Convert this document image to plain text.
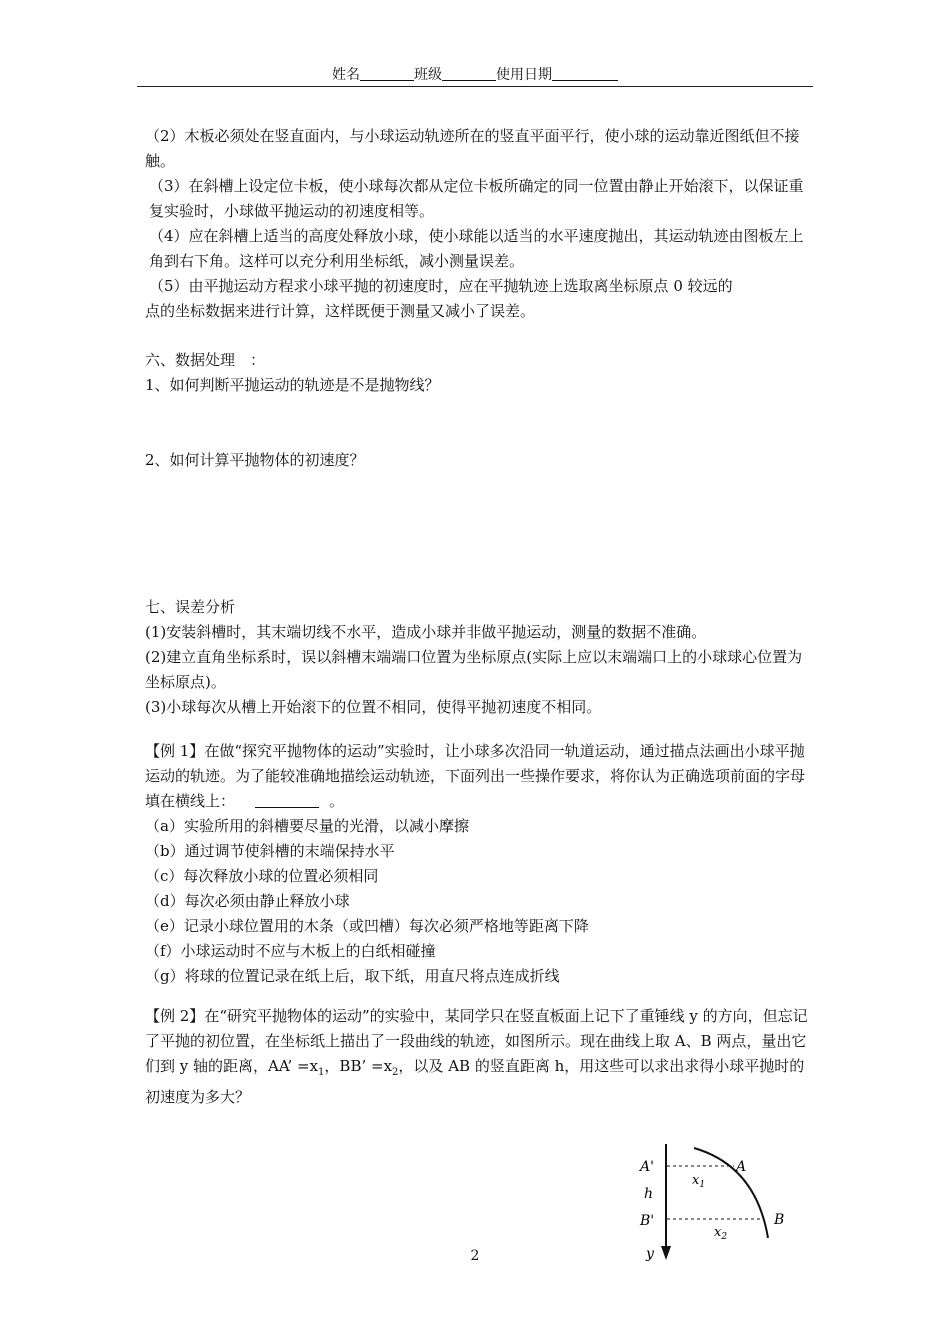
姓名	班级	使用日期

（2）木板必须处在竖直面内，与小球运动轨迹所在的竖直平面平行，使小球的运动靠近图纸但不接触。

（3）在斜槽上设定位卡板，使小球每次都从定位卡板所确定的同一位置由静止开始滚下，以保证重复实验时，小球做平抛运动的初速度相等。

（4）应在斜槽上适当的高度处释放小球，使小球能以适当的水平速度抛出，其运动轨迹由图板左上角到右下角。这样可以充分利用坐标纸，减小测量误差。

（5）由平抛运动方程求小球平抛的初速度时，应在平抛轨迹上选取离坐标原点 0 较远的

点的坐标数据来进行计算，这样既便于测量又减小了误差。

六、数据处理　：

1、如何判断平抛运动的轨迹是不是抛物线？

2、如何计算平抛物体的初速度？

七、误差分析

(1)安装斜槽时，其末端切线不水平，造成小球并非做平抛运动，测量的数据不准确。

(2)建立直角坐标系时，误以斜槽末端端口位置为坐标原点(实际上应以末端端口上的小球球心位置为坐标原点)。

(3)小球每次从槽上开始滚下的位置不相同，使得平抛初速度不相同。

【例 1】在做“探究平抛物体的运动”实验时，让小球多次沿同一轨道运动，通过描点法画出小球平抛运动的轨迹。为了能较准确地描绘运动轨迹，下面列出一些操作要求，将你认为正确选项前面的字母填在横线上：	。

（a）实验所用的斜槽要尽量的光滑，以减小摩擦

（b）通过调节使斜槽的末端保持水平

（c）每次释放小球的位置必须相同

（d）每次必须由静止释放小球

（e）记录小球位置用的木条（或凹槽）每次必须严格地等距离下降

（f）小球运动时不应与木板上的白纸相碰撞

（g）将球的位置记录在纸上后，取下纸，用直尺将点连成折线

【例 2】在“研究平抛物体的运动”的实验中，某同学只在竖直板面上记下了重锤线 y 的方向，但忘记了平抛的初位置，在坐标纸上描出了一段曲线的轨迹，如图所示。现在曲线上取 A、B 两点，量出它们到 y 轴的距离，AA’ $=x_1$，BB’ $=x_2$，以及 AB 的竖直距离 h，用这些可以求出求得小球平抛时的初速度为多大？

A'	A
h
B'	B
$x_1$
$x_2$
y
2
